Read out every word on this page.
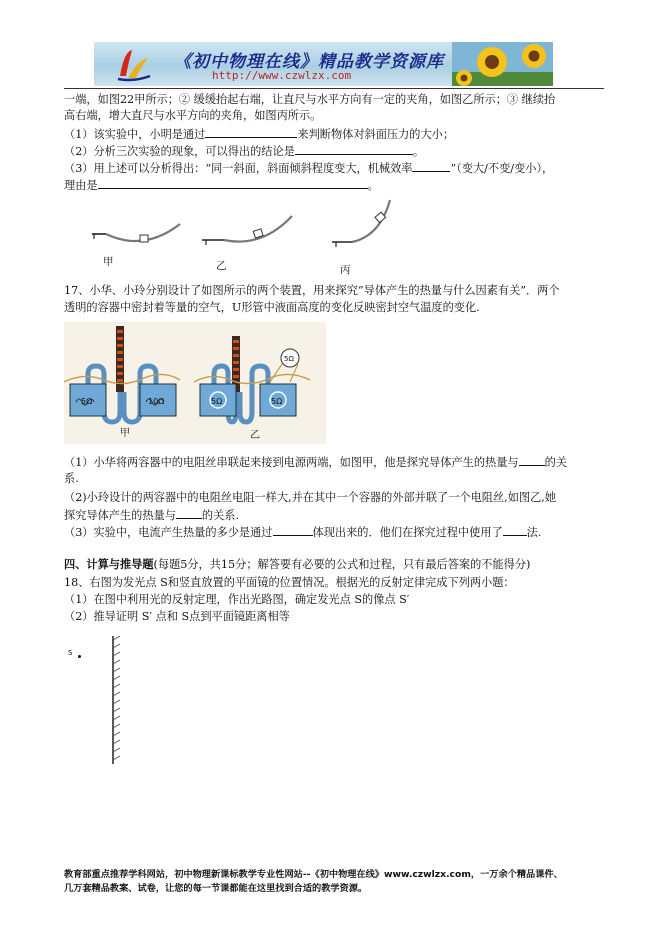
《初中物理在线》精品教学资源库
http://www.czwlzx.com
一端，如图22甲所示；② 缓缓抬起右端，让直尺与水平方向有一定的夹角，如图乙所示；③ 继续抬
高右端，增大直尺与水平方向的夹角，如图丙所示。
（1）该实验中，小明是通过	来判断物体对斜面压力的大小；
（2）分析三次实验的现象，可以得出的结论是	。
（3）用上述可以分析得出：“同一斜面，斜面倾斜程度变大，机械效率	”（变大/不变/变小），
理由是	。
甲	乙	丙
17、小华、小玲分别设计了如图所示的两个装置，用来探究“导体产生的热量与什么因素有关”．两个
透明的容器中密封着等量的空气，U形管中液面高度的变化反映密封空气温度的变化.
5Ω	10Ω	5Ω	5Ω
5Ω
甲	乙
（1）小华将两容器中的电阻丝串联起来接到电源两端，如图甲，他是探究导体产生的热量与 的关
系.
（2)小玲设计的两容器中的电阻丝电阻一样大,并在其中一个容器的外部并联了一个电阻丝,如图乙,她
探究导体产生的热量与 的关系.
（3）实验中，电流产生热量的多少是通过	体现出来的．他们在探究过程中使用了 法.
四、计算与推导题(每题5分，共15分；解答要有必要的公式和过程，只有最后答案的不能得分)
18、右图为发光点 S和竖直放置的平面镜的位置情况。根据光的反射定律完成下列两小题：
（1）在图中利用光的反射定理，作出光路图，确定发光点 S的像点 S′
（2）推导证明 S′ 点和 S点到平面镜距离相等
S
教育部重点推荐学科网站，初中物理新课标教学专业性网站--《初中物理在线》www.czwlzx.com，一万余个精品课件、
几万套精品教案、试卷，让您的每一节课都能在这里找到合适的教学资源。
